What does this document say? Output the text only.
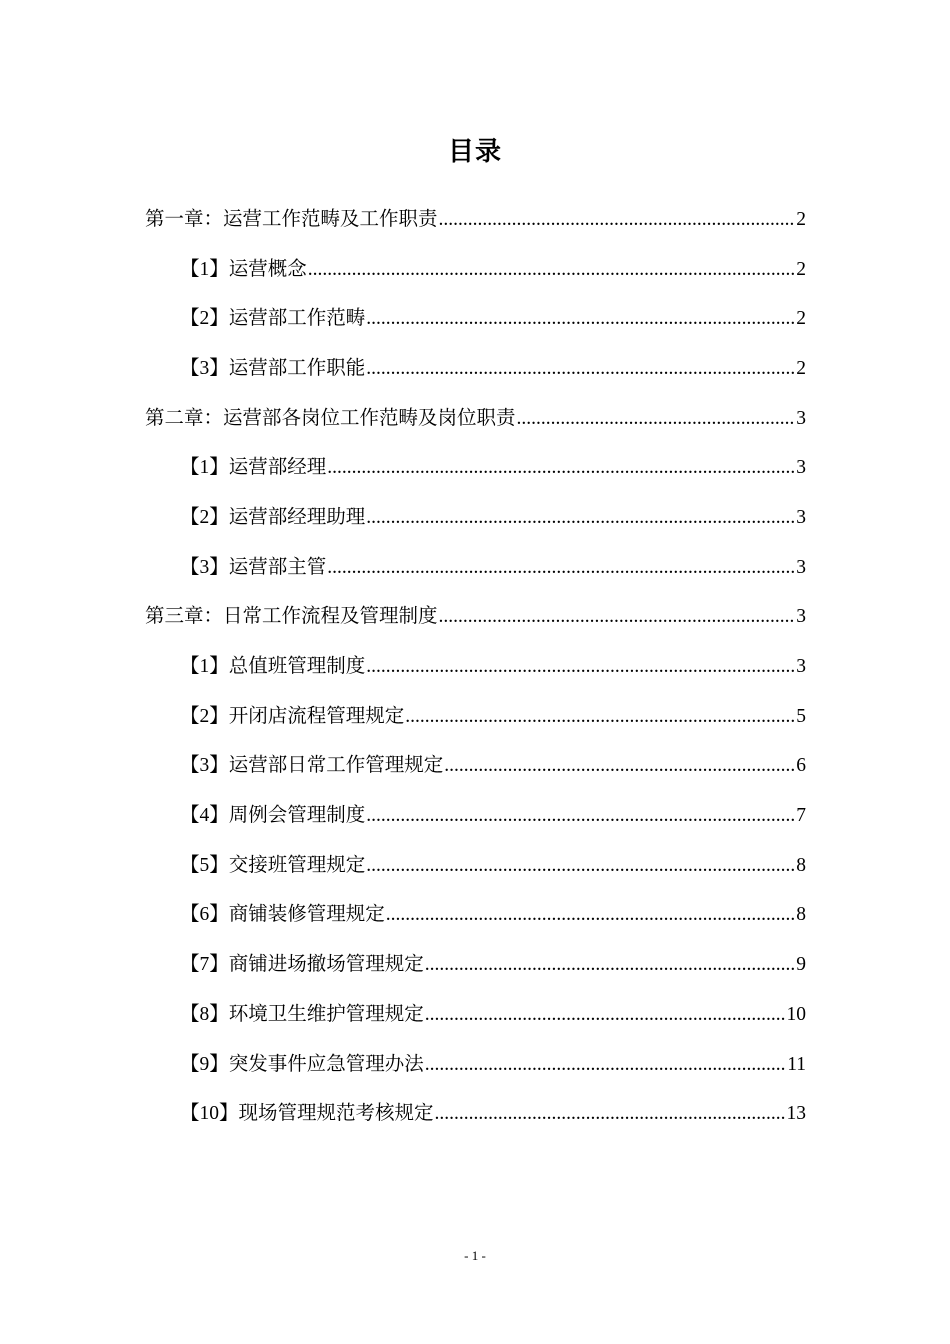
目录
第一章：运营工作范畴及工作职责 .....	2
【1】运营概念 .....	2
【2】运营部工作范畴 .....	2
【3】运营部工作职能 .....	2
第二章：运营部各岗位工作范畴及岗位职责 .....	3
【1】运营部经理 .....	3
【2】运营部经理助理 .....	3
【3】运营部主管 .....	3
第三章：日常工作流程及管理制度 .....	3
【1】总值班管理制度 .....	3
【2】开闭店流程管理规定 .....	5
【3】运营部日常工作管理规定 .....	6
【4】周例会管理制度 .....	7
【5】交接班管理规定 .....	8
【6】商铺装修管理规定 .....	8
【7】商铺进场撤场管理规定 .....	9
【8】环境卫生维护管理规定 .....	10
【9】突发事件应急管理办法 .....	11
【10】现场管理规范考核规定 .....	13
- 1 -
